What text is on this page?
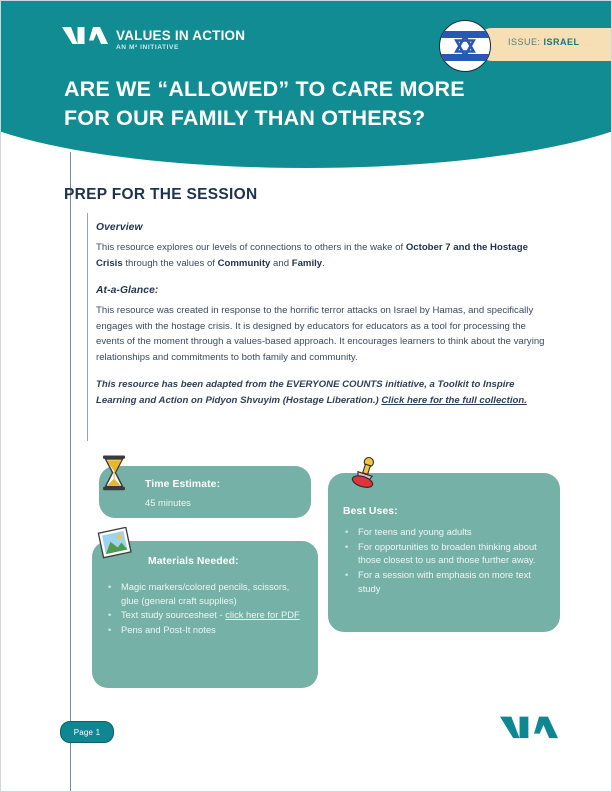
VALUES IN ACTION
AN M² INITIATIVE
ISSUE: ISRAEL
ARE WE “ALLOWED” TO CARE MORE
FOR OUR FAMILY THAN OTHERS?
PREP FOR THE SESSION

Overview

This resource explores our levels of connections to others in the wake of October 7 and the Hostage Crisis through the values of Community and Family.

At-a-Glance:

This resource was created in response to the horrific terror attacks on Israel by Hamas, and specifically engages with the hostage crisis. It is designed by educators for educators as a tool for processing the events of the moment through a values-based approach. It encourages learners to think about the varying relationships and commitments to both family and community.

This resource has been adapted from the EVERYONE COUNTS initiative, a Toolkit to Inspire Learning and Action on Pidyon Shvuyim (Hostage Liberation.) Click here for the full collection.

Time Estimate:
45 minutes
Materials Needed:
• Magic markers/colored pencils, scissors, glue (general craft supplies)
• Text study sourcesheet - click here for PDF
• Pens and Post-It notes
Best Uses:
• For teens and young adults
• For opportunities to broaden thinking about those closest to us and those further away.
• For a session with emphasis on more text study
Page 1
